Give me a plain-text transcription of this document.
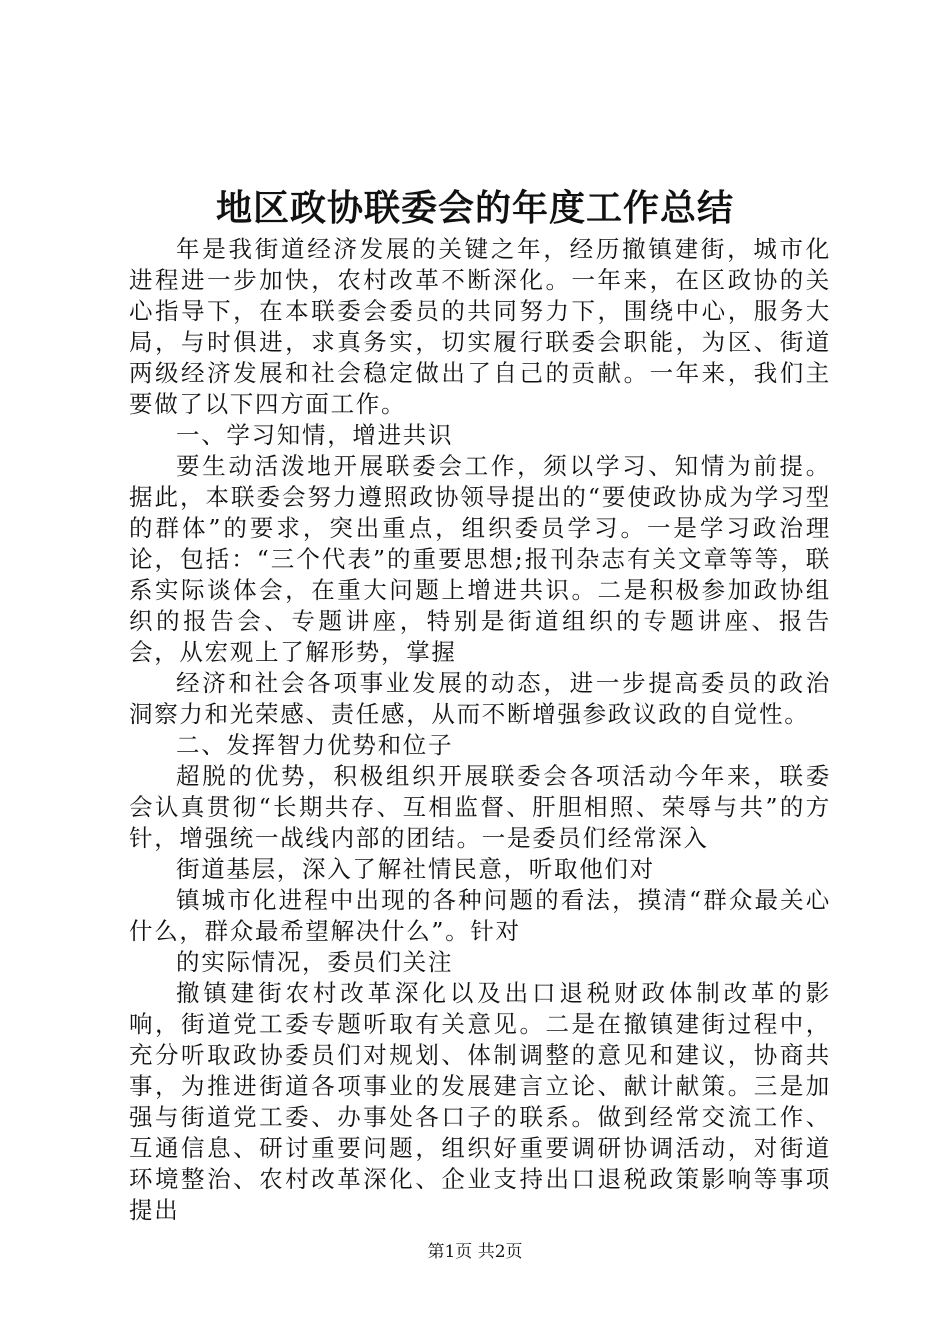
地区政协联委会的年度工作总结

年是我街道经济发展的关键之年，经历撤镇建街，城市化进程进一步加快，农村改革不断深化。一年来，在区政协的关心指导下，在本联委会委员的共同努力下，围绕中心，服务大局，与时俱进，求真务实，切实履行联委会职能，为区、街道两级经济发展和社会稳定做出了自己的贡献。一年来，我们主要做了以下四方面工作。

一、学习知情，增进共识

要生动活泼地开展联委会工作，须以学习、知情为前提。据此，本联委会努力遵照政协领导提出的“要使政协成为学习型的群体”的要求，突出重点，组织委员学习。一是学习政治理论，包括：“三个代表”的重要思想;报刊杂志有关文章等等，联系实际谈体会，在重大问题上增进共识。二是积极参加政协组织的报告会、专题讲座，特别是街道组织的专题讲座、报告会，从宏观上了解形势，掌握

经济和社会各项事业发展的动态，进一步提高委员的政治洞察力和光荣感、责任感，从而不断增强参政议政的自觉性。

二、发挥智力优势和位子

超脱的优势，积极组织开展联委会各项活动今年来，联委会认真贯彻“长期共存、互相监督、肝胆相照、荣辱与共”的方针，增强统一战线内部的团结。一是委员们经常深入

街道基层，深入了解社情民意，听取他们对

镇城市化进程中出现的各种问题的看法，摸清“群众最关心什么，群众最希望解决什么”。针对

的实际情况，委员们关注

撤镇建街农村改革深化以及出口退税财政体制改革的影响，街道党工委专题听取有关意见。二是在撤镇建街过程中，充分听取政协委员们对规划、体制调整的意见和建议，协商共事，为推进街道各项事业的发展建言立论、献计献策。三是加强与街道党工委、办事处各口子的联系。做到经常交流工作、互通信息、研讨重要问题，组织好重要调研协调活动，对街道环境整治、农村改革深化、企业支持出口退税政策影响等事项提出

第1页 共2页
